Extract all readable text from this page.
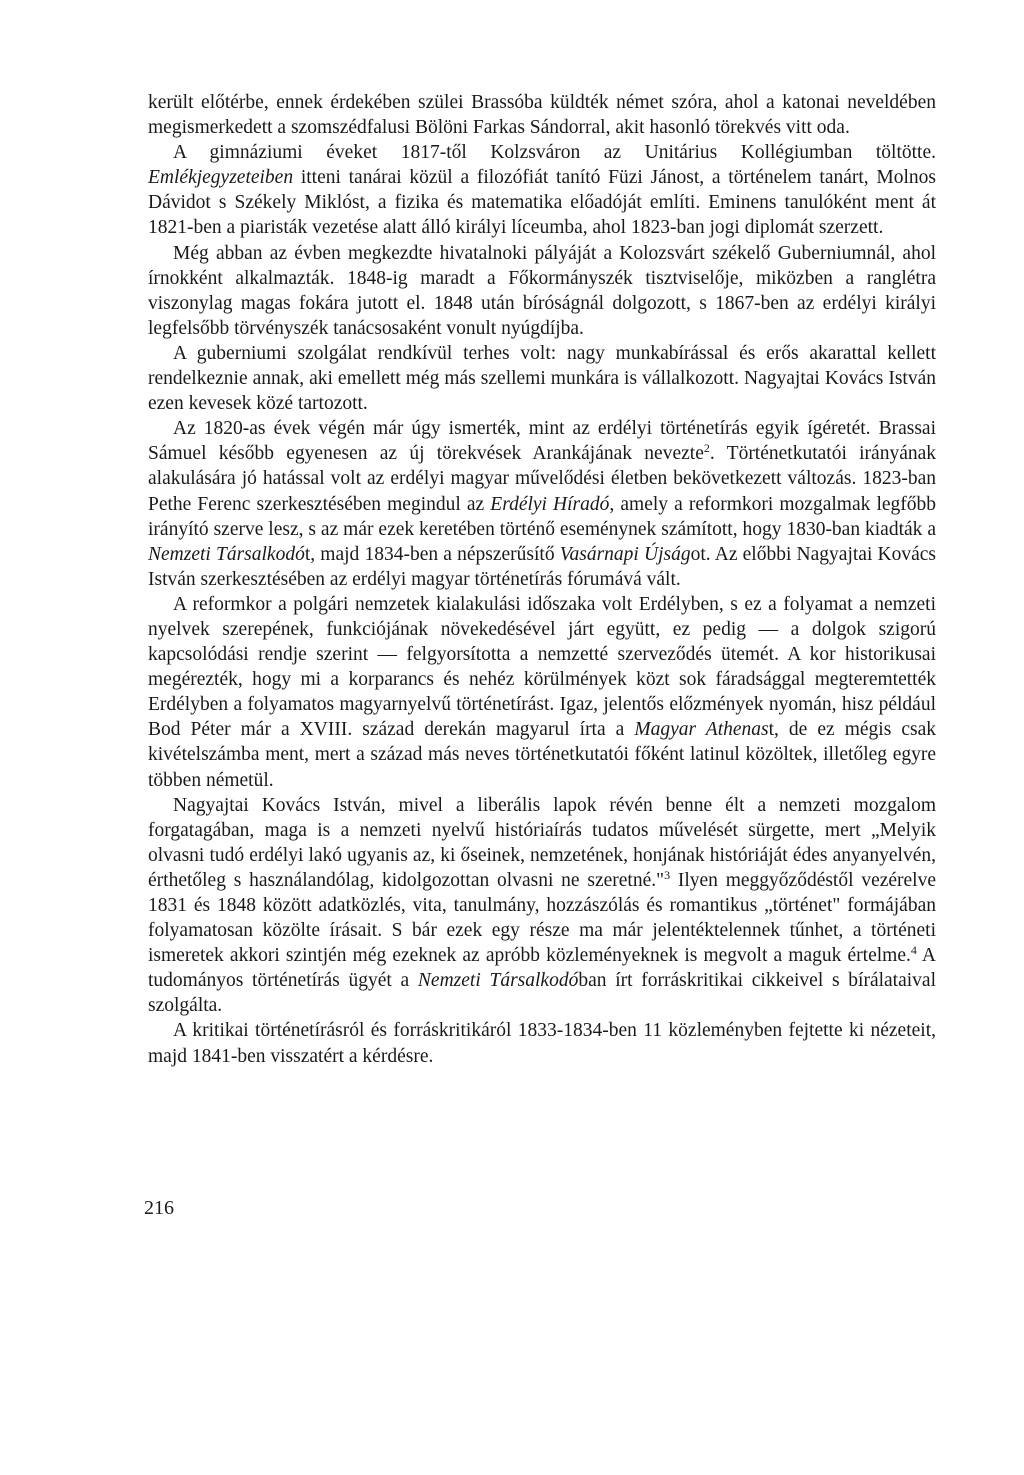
került előtérbe, ennek érdekében szülei Brassóba küldték német szóra, ahol a katonai neveldében megismerkedett a szomszédfalusi Bölöni Farkas Sándorral, akit hasonló törekvés vitt oda.

A gimnáziumi éveket 1817-től Kolzsváron az Unitárius Kollégiumban töltötte. Emlékjegyzeteiben itteni tanárai közül a filozófiát tanító Füzi Jánost, a történelem tanárt, Molnos Dávidot s Székely Miklóst, a fizika és matematika előadóját említi. Eminens tanulóként ment át 1821-ben a piaristák vezetése alatt álló királyi líceumba, ahol 1823-ban jogi diplomát szerzett.

Még abban az évben megkezdte hivatalnoki pályáját a Kolozsvárt székelő Guberniumnál, ahol írnokként alkalmazták. 1848-ig maradt a Főkormányszék tisztviselője, miközben a ranglétra viszonylag magas fokára jutott el. 1848 után bíróságnál dolgozott, s 1867-ben az erdélyi királyi legfelsőbb törvényszék tanácsosaként vonult nyúgdíjba.

A guberniumi szolgálat rendkívül terhes volt: nagy munkabírással és erős akarattal kellett rendelkeznie annak, aki emellett még más szellemi munkára is vállalkozott. Nagyajtai Kovács István ezen kevesek közé tartozott.

Az 1820-as évek végén már úgy ismerték, mint az erdélyi történetírás egyik ígéretét. Brassai Sámuel később egyenesen az új törekvések Arankájának nevezte$^2$. Történetkutatói irányának alakulására jó hatással volt az erdélyi magyar művelődési életben bekövetkezett változás. 1823-ban Pethe Ferenc szerkesztésében megindul az Erdélyi Híradó, amely a reformkori mozgalmak legfőbb irányító szerve lesz, s az már ezek keretében történő eseménynek számított, hogy 1830-ban kiadták a Nemzeti Társalkodót, majd 1834-ben a népszerűsítő Vasárnapi Újságot. Az előbbi Nagyajtai Kovács István szerkesztésében az erdélyi magyar történetírás fórumává vált.

A reformkor a polgári nemzetek kialakulási időszaka volt Erdélyben, s ez a folyamat a nemzeti nyelvek szerepének, funkciójának növekedésével járt együtt, ez pedig — a dolgok szigorú kapcsolódási rendje szerint — felgyorsította a nemzetté szerveződés ütemét. A kor historikusai megérezték, hogy mi a korparancs és nehéz körülmények közt sok fáradsággal megteremtették Erdélyben a folyamatos magyarnyelvű történetírást. Igaz, jelentős előzmények nyomán, hisz például Bod Péter már a XVIII. század derekán magyarul írta a Magyar Athenast, de ez mégis csak kivételszámba ment, mert a század más neves történetkutatói főként latinul közöltek, illetőleg egyre többen németül.

Nagyajtai Kovács István, mivel a liberális lapok révén benne élt a nemzeti mozgalom forgatagában, maga is a nemzeti nyelvű históriaírás tudatos művelését sürgette, mert „Melyik olvasni tudó erdélyi lakó ugyanis az, ki őseinek, nemzetének, honjának históriáját édes anyanyelvén, érthetőleg s használandólag, kidolgozottan olvasni ne szeretné."$^3$ Ilyen meggyőződéstől vezérelve 1831 és 1848 között adatközlés, vita, tanulmány, hozzászólás és romantikus „történet" formájában folyamatosan közölte írásait. S bár ezek egy része ma már jelentéktelennek tűnhet, a történeti ismeretek akkori szintjén még ezeknek az apróbb közleményeknek is megvolt a maguk értelme.$^4$ A tudományos történetírás ügyét a Nemzeti Társalkodóban írt forráskritikai cikkeivel s bírálataival szolgálta.

A kritikai történetírásról és forráskritikáról 1833-1834-ben 11 közleményben fejtette ki nézeteit, majd 1841-ben visszatért a kérdésre.

216
